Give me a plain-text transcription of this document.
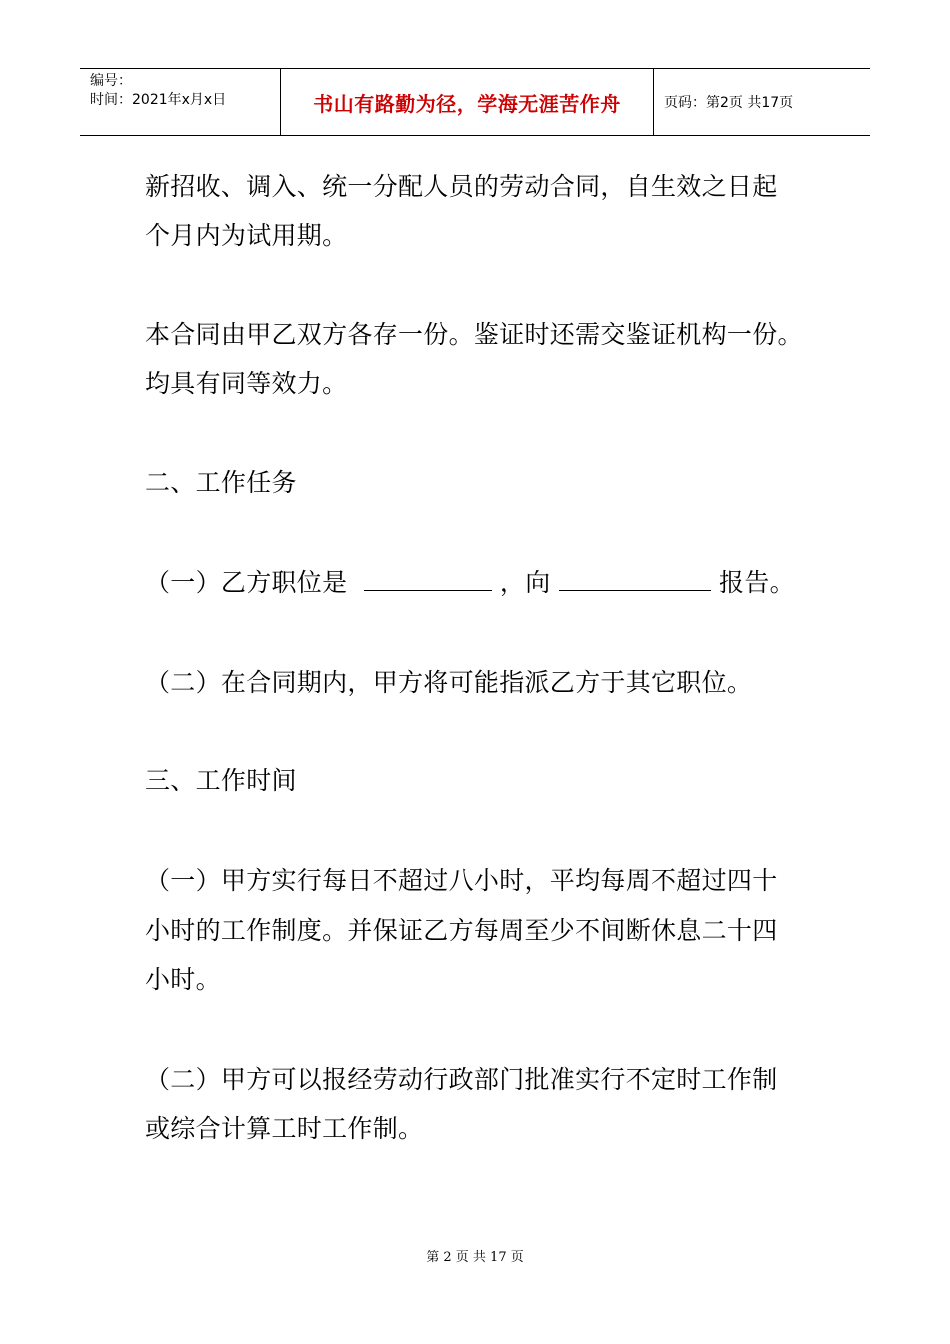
编号：
时间：2021年x月x日	书山有路勤为径，学海无涯苦作舟	页码：第2页 共17页
新招收、调入、统一分配人员的劳动合同，自生效之日起
个月内为试用期。
本合同由甲乙双方各存一份。鉴证时还需交鉴证机构一份。
均具有同等效力。
二、工作任务
（一）乙方职位是	，向	报告。
（二）在合同期内，甲方将可能指派乙方于其它职位。
三、工作时间
（一）甲方实行每日不超过八小时，平均每周不超过四十
小时的工作制度。并保证乙方每周至少不间断休息二十四
小时。
（二）甲方可以报经劳动行政部门批准实行不定时工作制
或综合计算工时工作制。
第 2 页 共 17 页
